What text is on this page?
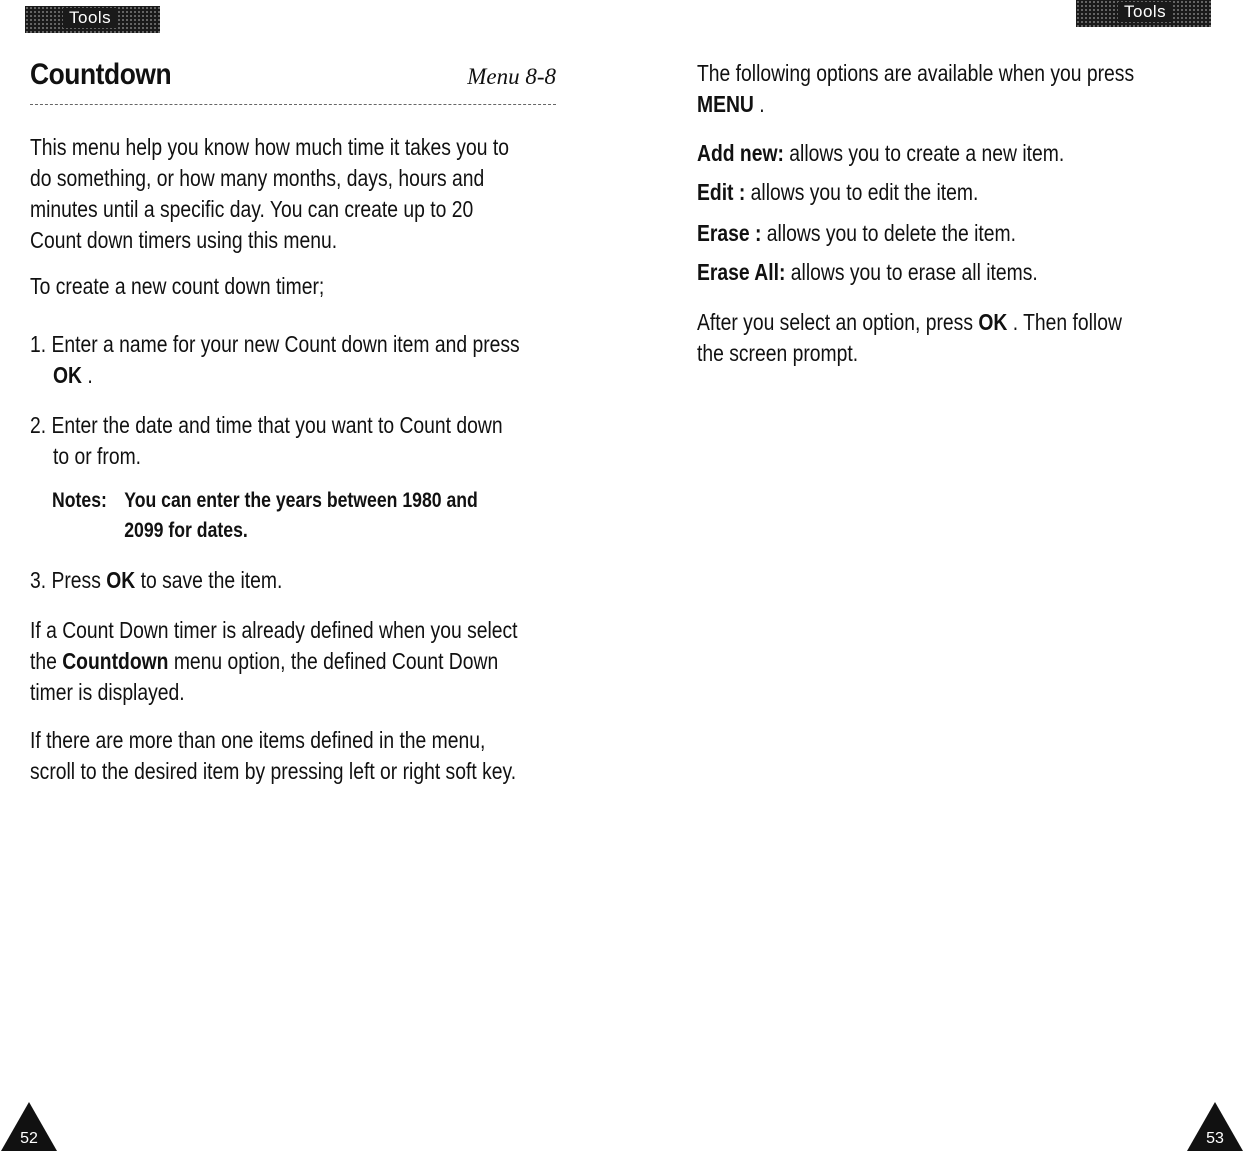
Tools	Tools
Countdown	Menu 8-8
This menu help you know how much time it takes you to
do something, or how many months, days, hours and
minutes until a specific day. You can create up to 20
Count down timers using this menu.
To create a new count down timer;
1. Enter a name for your new Count down item and press
OK .
2. Enter the date and time that you want to Count down
to or from.
Notes: You can enter the years between 1980 and
2099 for dates.
3. Press OK to save the item.
If a Count Down timer is already defined when you select
the Countdown menu option, the defined Count Down
timer is displayed.
If there are more than one items defined in the menu,
scroll to the desired item by pressing left or right soft key.
The following options are available when you press
MENU .
Add new: allows you to create a new item.
Edit : allows you to edit the item.
Erase : allows you to delete the item.
Erase All: allows you to erase all items.
After you select an option, press OK . Then follow
the screen prompt.
52	53
